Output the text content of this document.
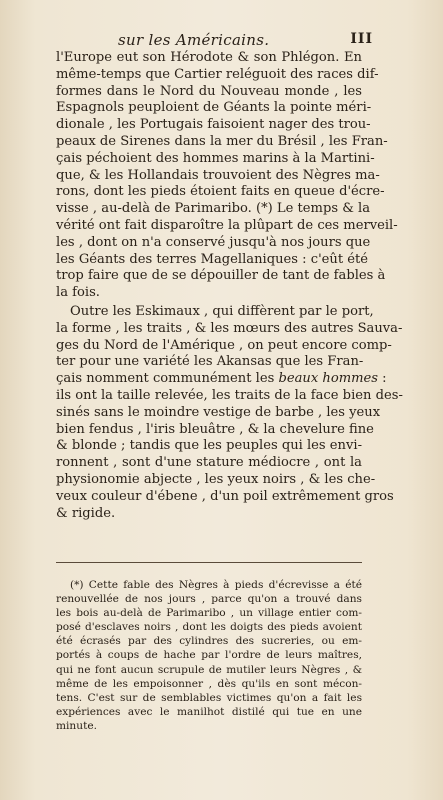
sur les Américains.	III

l'Europe eut son Hérodote & son Phlégon. En
même-temps que Cartier reléguoit des races dif-
formes dans le Nord du Nouveau monde , les
Espagnols peuploient de Géants la pointe méri-
dionale , les Portugais faisoient nager des trou-
peaux de Sirenes dans la mer du Brésil , les Fran-
çais péchoient des hommes marins à la Martini-
que, & les Hollandais trouvoient des Nègres ma-
rons, dont les pieds étoient faits en queue d'écre-
visse , au-delà de Parimaribo. (*) Le temps & la
vérité ont fait disparoître la plûpart de ces merveil-
les , dont on n'a conservé jusqu'à nos jours que
les Géants des terres Magellaniques : c'eût été
trop faire que de se dépouiller de tant de fables à
la fois.

Outre les Eskimaux , qui diffèrent par le port,
la forme , les traits , & les mœurs des autres Sauva-
ges du Nord de l'Amérique , on peut encore comp-
ter pour une variété les Akansas que les Fran-
çais nomment communément les beaux hommes :
ils ont la taille relevée, les traits de la face bien des-
sinés sans le moindre vestige de barbe , les yeux
bien fendus , l'iris bleuâtre , & la chevelure fine
& blonde ; tandis que les peuples qui les envi-
ronnent , sont d'une stature médiocre , ont la
physionomie abjecte , les yeux noirs , & les che-
veux couleur d'ébene , d'un poil extrêmement gros
& rigide.

(*) Cette fable des Nègres à pieds d'écrevisse a été
renouvellée de nos jours , parce qu'on a trouvé dans
les bois au-delà de Parimaribo , un village entier com-
posé d'esclaves noirs , dont les doigts des pieds avoient
été écrasés par des cylindres des sucreries, ou em-
portés à coups de hache par l'ordre de leurs maîtres,
qui ne font aucun scrupule de mutiler leurs Nègres , &
même de les empoisonner , dès qu'ils en sont mécon-
tens. C'est sur de semblables victimes qu'on a fait les
expériences avec le manilhot distilé qui tue en une
minute.
